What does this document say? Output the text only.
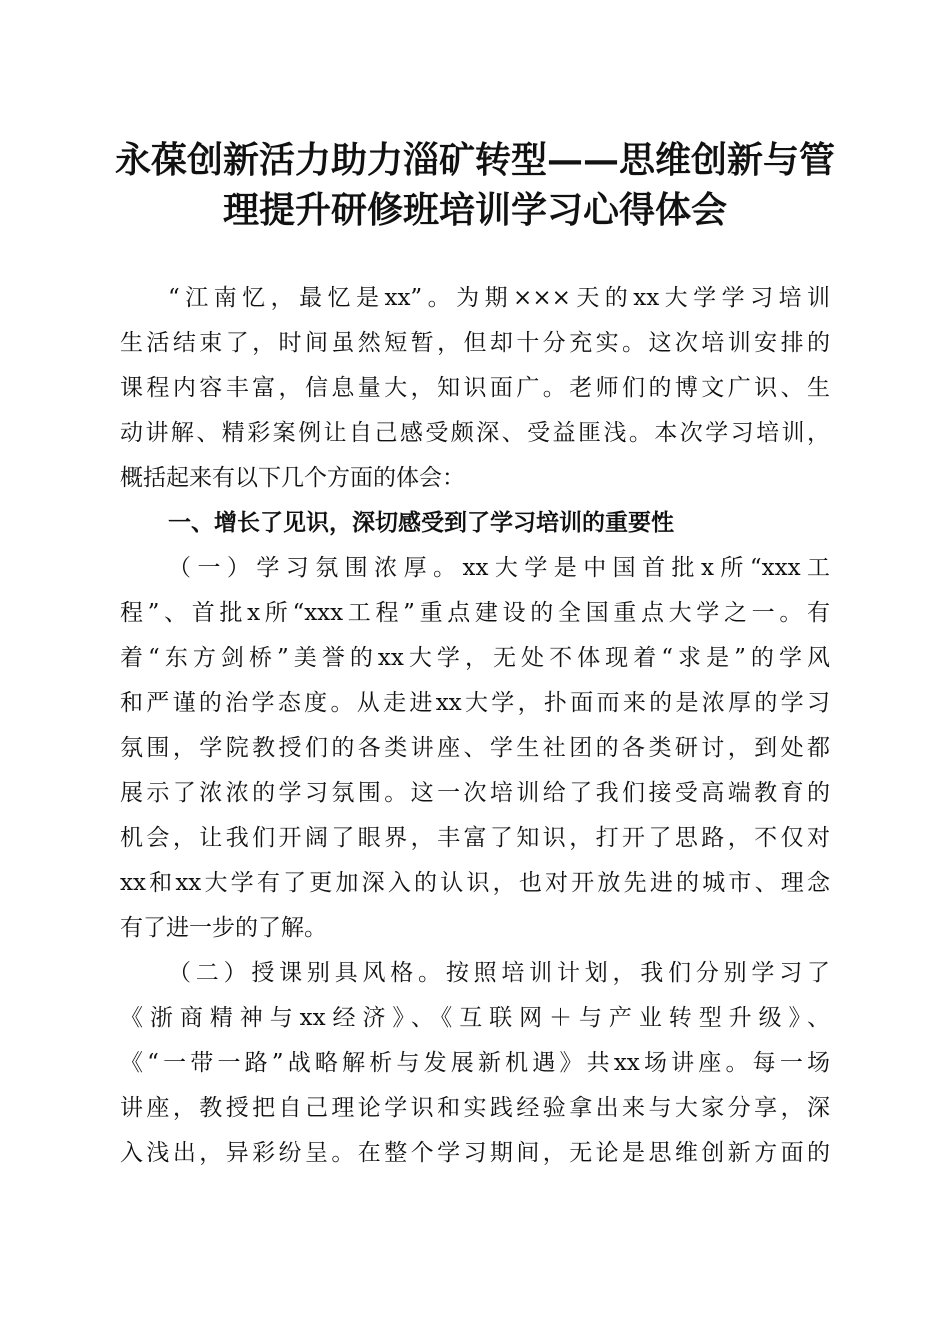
永葆创新活力助力淄矿转型——思维创新与管
理提升研修班培训学习心得体会
“江南忆，最忆是xx”。为期×××天的xx大学学习培训
生活结束了，时间虽然短暂，但却十分充实。这次培训安排的
课程内容丰富，信息量大，知识面广。老师们的博文广识、生
动讲解、精彩案例让自己感受颇深、受益匪浅。本次学习培训，
概括起来有以下几个方面的体会：
一、增长了见识，深切感受到了学习培训的重要性
（一）学习氛围浓厚。xx大学是中国首批x所“xxx工
程”、首批x所“xxx工程”重点建设的全国重点大学之一。有
着“东方剑桥”美誉的xx大学，无处不体现着“求是”的学风
和严谨的治学态度。从走进xx大学，扑面而来的是浓厚的学习
氛围，学院教授们的各类讲座、学生社团的各类研讨，到处都
展示了浓浓的学习氛围。这一次培训给了我们接受高端教育的
机会，让我们开阔了眼界，丰富了知识，打开了思路，不仅对
xx和xx大学有了更加深入的认识，也对开放先进的城市、理念
有了进一步的了解。
（二）授课别具风格。按照培训计划，我们分别学习了
《浙商精神与xx经济》、《互联网＋与产业转型升级》、
《“一带一路”战略解析与发展新机遇》共xx场讲座。每一场
讲座，教授把自己理论学识和实践经验拿出来与大家分享，深
入浅出，异彩纷呈。在整个学习期间，无论是思维创新方面的
